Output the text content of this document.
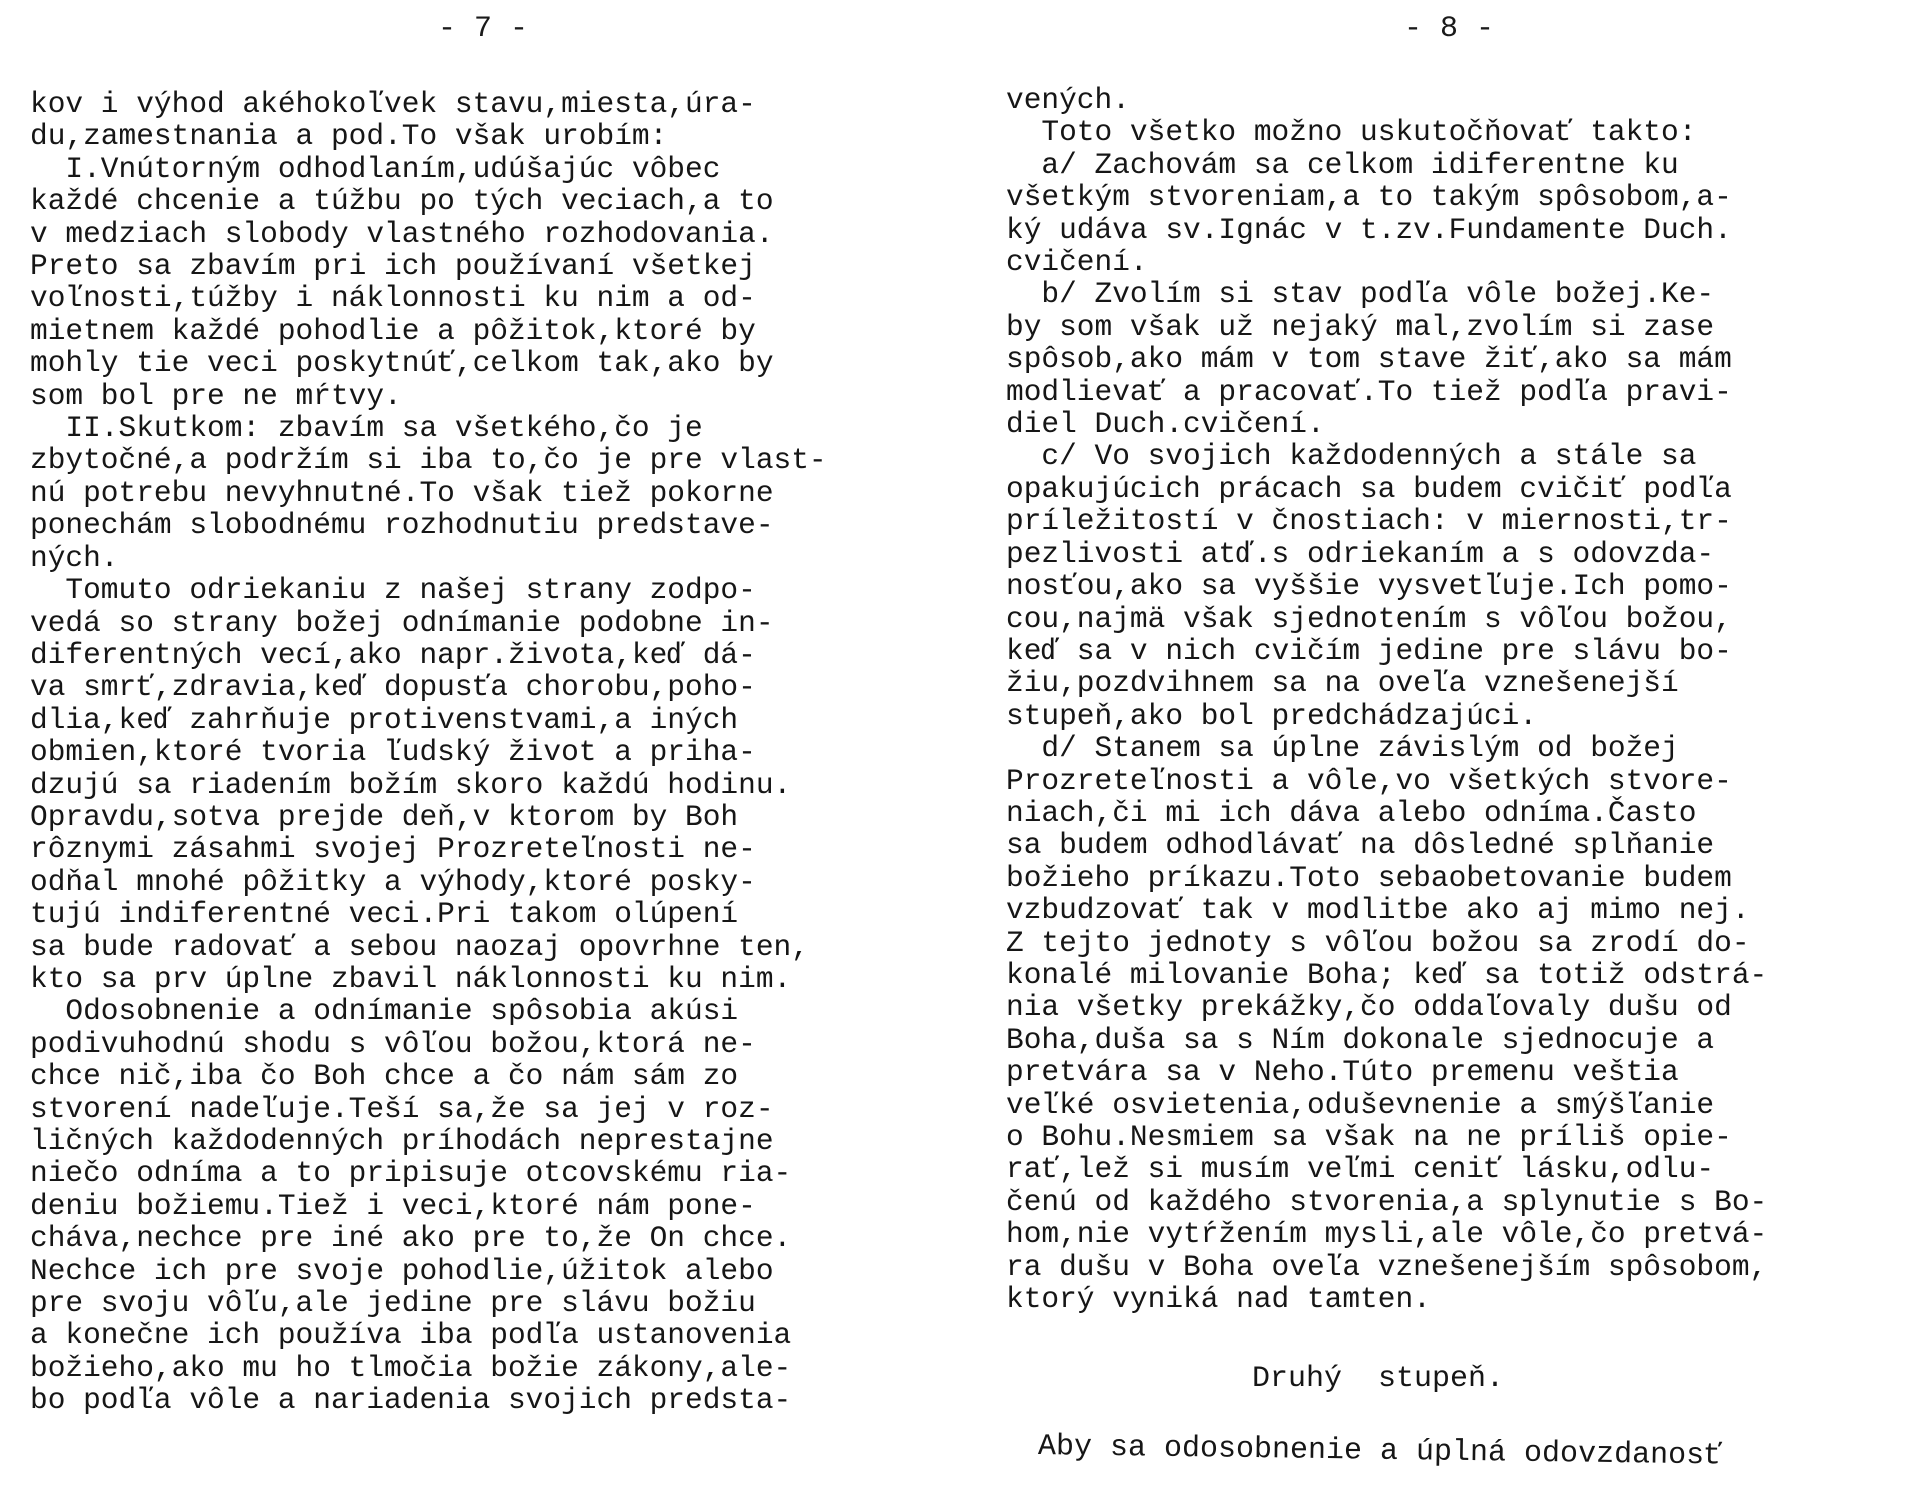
- 7 -
kov i výhod akéhokoľvek stavu,miesta,úra-
du,zamestnania a pod.To však urobím:
I.Vnútorným odhodlaním,udúšajúc vôbec
každé chcenie a túžbu po tých veciach,a to
v medziach slobody vlastného rozhodovania.
Preto sa zbavím pri ich používaní všetkej
voľnosti,túžby i náklonnosti ku nim a od-
mietnem každé pohodlie a pôžitok,ktoré by
mohly tie veci poskytnúť,celkom tak,ako by
som bol pre ne mŕtvy.
II.Skutkom: zbavím sa všetkého,čo je
zbytočné,a podržím si iba to,čo je pre vlast-
nú potrebu nevyhnutné.To však tiež pokorne
ponechám slobodnému rozhodnutiu predstave-
ných.
Tomuto odriekaniu z našej strany zodpo-
vedá so strany božej odnímanie podobne in-
diferentných vecí,ako napr.života,keď dá-
va smrť,zdravia,keď dopusťa chorobu,poho-
dlia,keď zahrňuje protivenstvami,a iných
obmien,ktoré tvoria ľudský život a priha-
dzujú sa riadením božím skoro každú hodinu.
Opravdu,sotva prejde deň,v ktorom by Boh
rôznymi zásahmi svojej Prozreteľnosti ne-
odňal mnohé pôžitky a výhody,ktoré posky-
tujú indiferentné veci.Pri takom olúpení
sa bude radovať a sebou naozaj opovrhne ten,
kto sa prv úplne zbavil náklonnosti ku nim.
Odosobnenie a odnímanie spôsobia akúsi
podivuhodnú shodu s vôľou božou,ktorá ne-
chce nič,iba čo Boh chce a čo nám sám zo
stvorení nadeľuje.Teší sa,že sa jej v roz-
ličných každodenných príhodách neprestajne
niečo odníma a to pripisuje otcovskému ria-
deniu božiemu.Tiež i veci,ktoré nám pone-
cháva,nechce pre iné ako pre to,že On chce.
Nechce ich pre svoje pohodlie,úžitok alebo
pre svoju vôľu,ale jedine pre slávu božiu
a konečne ich používa iba podľa ustanovenia
božieho,ako mu ho tlmočia božie zákony,ale-
bo podľa vôle a nariadenia svojich predsta-
- 8 -
vených.
Toto všetko možno uskutočňovať takto:
a/ Zachovám sa celkom idiferentne ku
všetkým stvoreniam,a to takým spôsobom,a-
ký udáva sv.Ignác v t.zv.Fundamente Duch.
cvičení.
b/ Zvolím si stav podľa vôle božej.Ke-
by som však už nejaký mal,zvolím si zase
spôsob,ako mám v tom stave žiť,ako sa mám
modlievať a pracovať.To tiež podľa pravi-
diel Duch.cvičení.
c/ Vo svojich každodenných a stále sa
opakujúcich prácach sa budem cvičiť podľa
príležitostí v čnostiach: v miernosti,tr-
pezlivosti atď.s odriekaním a s odovzda-
nosťou,ako sa vyššie vysvetľuje.Ich pomo-
cou,najmä však sjednotením s vôľou božou,
keď sa v nich cvičím jedine pre slávu bo-
žiu,pozdvihnem sa na oveľa vznešenejší
stupeň,ako bol predchádzajúci.
d/ Stanem sa úplne závislým od božej
Prozreteľnosti a vôle,vo všetkých stvore-
niach,či mi ich dáva alebo odníma.Často
sa budem odhodlávať na dôsledné splňanie
božieho príkazu.Toto sebaobetovanie budem
vzbudzovať tak v modlitbe ako aj mimo nej.
Z tejto jednoty s vôľou božou sa zrodí do-
konalé milovanie Boha; keď sa totiž odstrá-
nia všetky prekážky,čo oddaľovaly dušu od
Boha,duša sa s Ním dokonale sjednocuje a
pretvára sa v Neho.Túto premenu veštia
veľké osvietenia,oduševnenie a smýšľanie
o Bohu.Nesmiem sa však na ne príliš opie-
rať,lež si musím veľmi ceniť lásku,odlu-
čenú od každého stvorenia,a splynutie s Bo-
hom,nie vytŕžením mysli,ale vôle,čo pretvá-
ra dušu v Boha oveľa vznešenejším spôsobom,
ktorý vyniká nad tamten.
Druhý  stupeň.
Aby sa odosobnenie a úplná odovzdanosť
